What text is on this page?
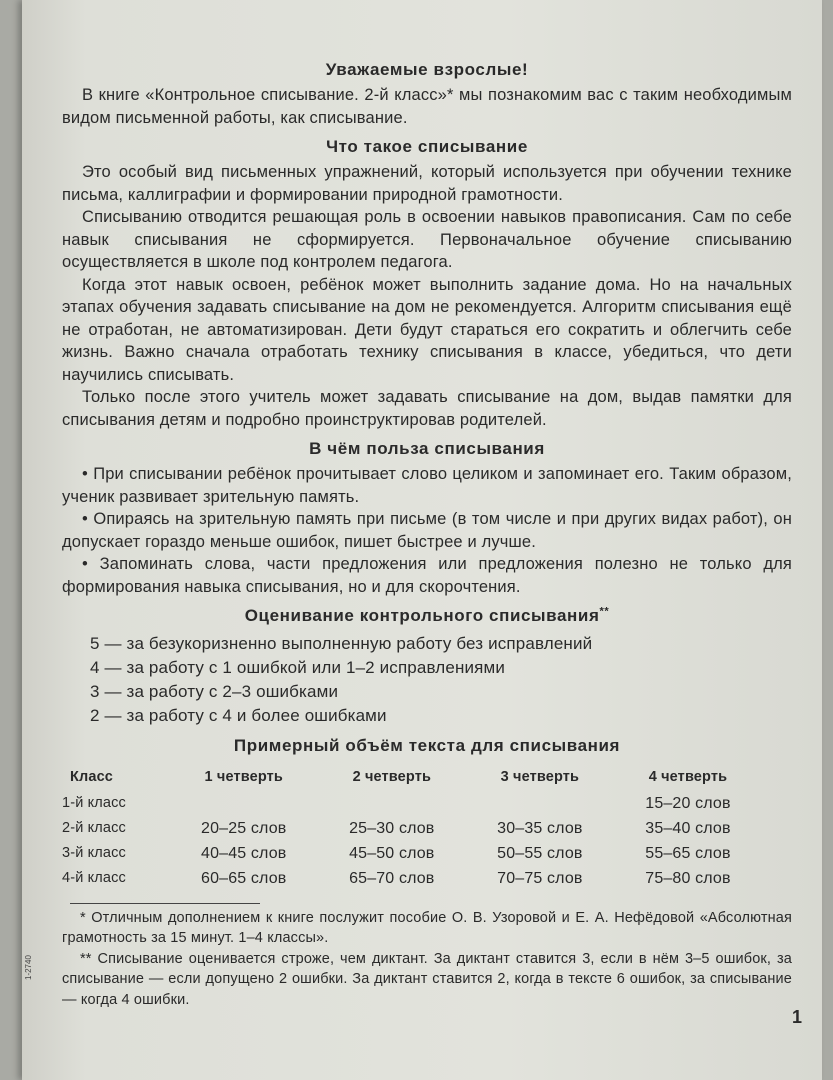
1-2740
Уважаемые взрослые!

В книге «Контрольное списывание. 2-й класс»* мы познакомим вас с таким необходимым видом письменной работы, как списывание.

Что такое списывание

Это особый вид письменных упражнений, который используется при обучении технике письма, каллиграфии и формировании природной грамотности.

Списыванию отводится решающая роль в освоении навыков правописания. Сам по себе навык списывания не сформируется. Первоначальное обучение списыванию осуществляется в школе под контролем педагога.

Когда этот навык освоен, ребёнок может выполнить задание дома. Но на начальных этапах обучения задавать списывание на дом не рекомендуется. Алгоритм списывания ещё не отработан, не автоматизирован. Дети будут стараться его сократить и облегчить себе жизнь. Важно сначала отработать технику списывания в классе, убедиться, что дети научились списывать.

Только после этого учитель может задавать списывание на дом, выдав памятки для списывания детям и подробно проинструктировав родителей.

В чём польза списывания

• При списывании ребёнок прочитывает слово целиком и запоминает его. Таким образом, ученик развивает зрительную память.

• Опираясь на зрительную память при письме (в том числе и при других видах работ), он допускает гораздо меньше ошибок, пишет быстрее и лучше.

• Запоминать слова, части предложения или предложения полезно не только для формирования навыка списывания, но и для скорочтения.

Оценивание контрольного списывания**
5 — за безукоризненно выполненную работу без исправлений
4 — за работу с 1 ошибкой или 1–2 исправлениями
3 — за работу с 2–3 ошибками
2 — за работу с 4 и более ошибками
Примерный объём текста для списывания
Класс	1 четверть	2 четверть	3 четверть	4 четверть
1-й класс				15–20 слов
2-й класс	20–25 слов	25–30 слов	30–35 слов	35–40 слов
3-й класс	40–45 слов	45–50 слов	50–55 слов	55–65 слов
4-й класс	60–65 слов	65–70 слов	70–75 слов	75–80 слов

* Отличным дополнением к книге послужит пособие О. В. Узоровой и Е. А. Нефёдовой «Абсолютная грамотность за 15 минут. 1–4 классы».

** Списывание оценивается строже, чем диктант. За диктант ставится 3, если в нём 3–5 ошибок, за списывание — если допущено 2 ошибки. За диктант ставится 2, когда в тексте 6 ошибок, за списывание — когда 4 ошибки.

1
